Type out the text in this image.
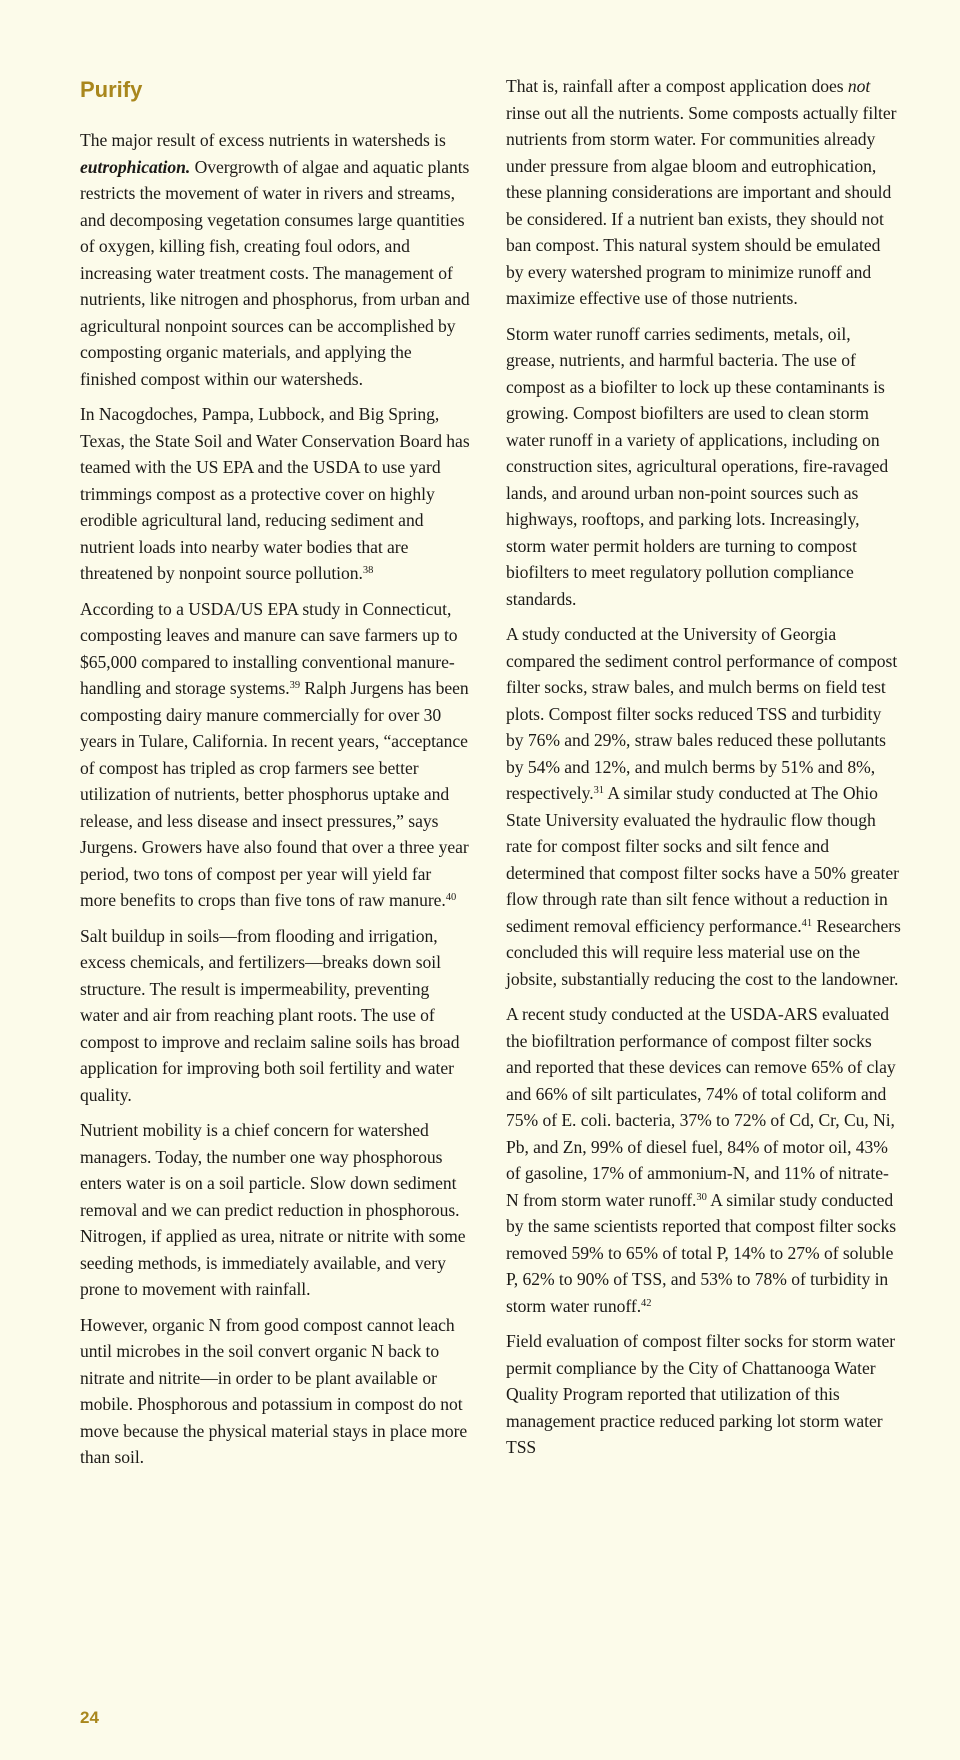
Purify

The major result of excess nutrients in watersheds is eutrophication. Overgrowth of algae and aquatic plants restricts the movement of water in rivers and streams, and decomposing vegetation consumes large quantities of oxygen, killing fish, creating foul odors, and increasing water treatment costs. The management of nutrients, like nitrogen and phosphorus, from urban and agricultural nonpoint sources can be accomplished by composting organic materials, and applying the finished compost within our watersheds.

In Nacogdoches, Pampa, Lubbock, and Big Spring, Texas, the State Soil and Water Conservation Board has teamed with the US EPA and the USDA to use yard trimmings compost as a protective cover on highly erodible agricultural land, reducing sediment and nutrient loads into nearby water bodies that are threatened by nonpoint source pollution.$^{38}$

According to a USDA/US EPA study in Connecticut, composting leaves and manure can save farmers up to $65,000 compared to installing conventional manure-handling and storage systems.$^{39}$ Ralph Jurgens has been composting dairy manure commercially for over 30 years in Tulare, California. In recent years, “acceptance of compost has tripled as crop farmers see better utilization of nutrients, better phosphorus uptake and release, and less disease and insect pressures,” says Jurgens. Growers have also found that over a three year period, two tons of compost per year will yield far more benefits to crops than five tons of raw manure.$^{40}$

Salt buildup in soils—from flooding and irrigation, excess chemicals, and fertilizers—breaks down soil structure. The result is impermeability, preventing water and air from reaching plant roots. The use of compost to improve and reclaim saline soils has broad application for improving both soil fertility and water quality.

Nutrient mobility is a chief concern for watershed managers. Today, the number one way phosphorous enters water is on a soil particle. Slow down sediment removal and we can predict reduction in phosphorous. Nitrogen, if applied as urea, nitrate or nitrite with some seeding methods, is immediately available, and very prone to movement with rainfall.

However, organic N from good compost cannot leach until microbes in the soil convert organic N back to nitrate and nitrite—in order to be plant available or mobile. Phosphorous and potassium in compost do not move because the physical material stays in place more than soil.

That is, rainfall after a compost application does not rinse out all the nutrients. Some composts actually filter nutrients from storm water. For communities already under pressure from algae bloom and eutrophication, these planning considerations are important and should be considered. If a nutrient ban exists, they should not ban compost. This natural system should be emulated by every watershed program to minimize runoff and maximize effective use of those nutrients.

Storm water runoff carries sediments, metals, oil, grease, nutrients, and harmful bacteria. The use of compost as a biofilter to lock up these contaminants is growing. Compost biofilters are used to clean storm water runoff in a variety of applications, including on construction sites, agricultural operations, fire-ravaged lands, and around urban non-point sources such as highways, rooftops, and parking lots. Increasingly, storm water permit holders are turning to compost biofilters to meet regulatory pollution compliance standards.

A study conducted at the University of Georgia compared the sediment control performance of compost filter socks, straw bales, and mulch berms on field test plots. Compost filter socks reduced TSS and turbidity by 76% and 29%, straw bales reduced these pollutants by 54% and 12%, and mulch berms by 51% and 8%, respectively.$^{31}$ A similar study conducted at The Ohio State University evaluated the hydraulic flow though rate for compost filter socks and silt fence and determined that compost filter socks have a 50% greater flow through rate than silt fence without a reduction in sediment removal efficiency performance.$^{41}$ Researchers concluded this will require less material use on the jobsite, substantially reducing the cost to the landowner.

A recent study conducted at the USDA-ARS evaluated the biofiltration performance of compost filter socks and reported that these devices can remove 65% of clay and 66% of silt particulates, 74% of total coliform and 75% of E. coli. bacteria, 37% to 72% of Cd, Cr, Cu, Ni, Pb, and Zn, 99% of diesel fuel, 84% of motor oil, 43% of gasoline, 17% of ammonium-N, and 11% of nitrate-N from storm water runoff.$^{30}$ A similar study conducted by the same scientists reported that compost filter socks removed 59% to 65% of total P, 14% to 27% of soluble P, 62% to 90% of TSS, and 53% to 78% of turbidity in storm water runoff.$^{42}$

Field evaluation of compost filter socks for storm water permit compliance by the City of Chattanooga Water Quality Program reported that utilization of this management practice reduced parking lot storm water TSS

24
